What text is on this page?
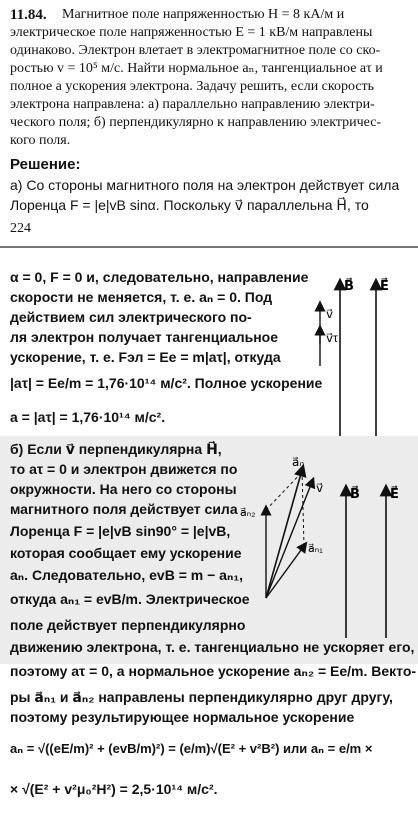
11.84. Магнитное поле напряженностью H = 8 кА/м и
электрическое поле напряженностью E = 1 кВ/м направлены
одинаково. Электрон влетает в электромагнитное поле со ско-
ростью v = 10⁵ м/с. Найти нормальное aₙ, тангенциальное aτ и
полное a ускорения электрона. Задачу решить, если скорость
электрона направлена: а) параллельно направлению электри-
ческого поля; б) перпендикулярно к направлению электричес-
кого поля.
Решение:
а) Со стороны магнитного поля на электрон действует сила
Лоренца F = |e|vB sinα. Поскольку v⃗ параллельна H⃗, то
224
α = 0, F = 0 и, следовательно, направление
скорости не меняется, т. е. aₙ = 0. Под
действием сил электрического по-
ля электрон получает тангенциальное
ускорение, т. е. Fэл = Ee = m|aτ|, откуда
|aτ| = Ee/m = 1,76·10¹⁴ м/с². Полное ускорение
a = |aτ| = 1,76·10¹⁴ м/с².
B⃗ E⃗
v⃗
v⃗τ
б) Если v⃗ перпендикулярна H⃗,
то aτ = 0 и электрон движется по
окружности. На него со стороны
магнитного поля действует сила
Лоренца F = |e|vB sin90° = |e|vB,
которая сообщает ему ускорение
aₙ. Следовательно, evB = m − aₙ₁,
откуда aₙ₁ = evB/m. Электрическое
поле действует перпендикулярно
движению электрона, т. е. тангенциально не ускоряет его,
поэтому aτ = 0, а нормальное ускорение aₙ₂ = Ee/m. Векто-
ры a⃗ₙ₁ и a⃗ₙ₂ направлены перпендикулярно друг другу,
поэтому результирующее нормальное ускорение
aₙ = √((eE/m)² + (evB/m)²) = (e/m)√(E² + v²B²) или aₙ = e/m ×
× √(E² + v²μ₀²H²) = 2,5·10¹⁴ м/с².
a⃗ₙ
v⃗
a⃗ₙ₂
a⃗ₙ₁
B⃗ E⃗
